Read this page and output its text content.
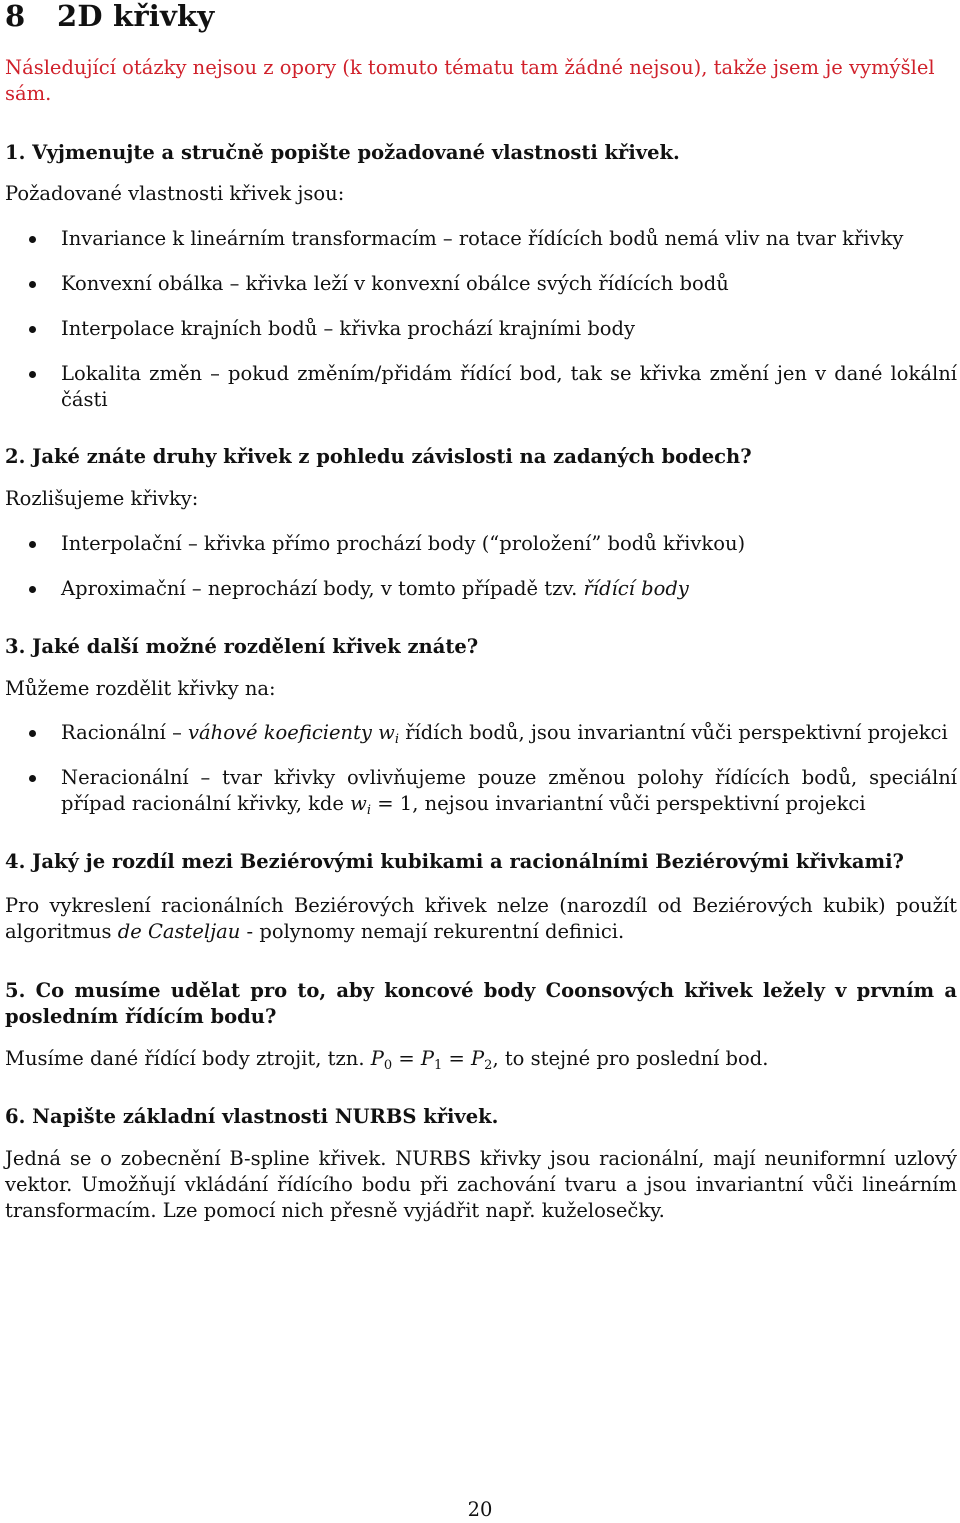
8 2D křivky

Následující otázky nejsou z opory (k tomuto tématu tam žádné nejsou), takže jsem je vymýšlel sám.

1. Vyjmenujte a stručně popište požadované vlastnosti křivek.

Požadované vlastnosti křivek jsou:

Invariance k lineárním transformacím – rotace řídících bodů nemá vliv na tvar křivky
Konvexní obálka – křivka leží v konvexní obálce svých řídících bodů
Interpolace krajních bodů – křivka prochází krajními body
Lokalita změn – pokud změním/přidám řídící bod, tak se křivka změní jen v dané lokální části

2. Jaké znáte druhy křivek z pohledu závislosti na zadaných bodech?

Rozlišujeme křivky:

Interpolační – křivka přímo prochází body (“proložení” bodů křivkou)
Aproximační – neprochází body, v tomto případě tzv. řídící body

3. Jaké další možné rozdělení křivek znáte?

Můžeme rozdělit křivky na:

Racionální – váhové koeficienty $w_i$ řídích bodů, jsou invariantní vůči perspektivní projekci
Neracionální – tvar křivky ovlivňujeme pouze změnou polohy řídících bodů, speciální případ racionální křivky, kde $w_i = 1$, nejsou invariantní vůči perspektivní projekci

4. Jaký je rozdíl mezi Beziérovými kubikami a racionálními Beziérovými křivkami?

Pro vykreslení racionálních Beziérových křivek nelze (narozdíl od Beziérových kubik) použít algoritmus de Casteljau - polynomy nemají rekurentní definici.

5. Co musíme udělat pro to, aby koncové body Coonsových křivek ležely v prvním a posledním řídícím bodu?

Musíme dané řídící body ztrojit, tzn. $P_0 = P_1 = P_2$, to stejné pro poslední bod.

6. Napište základní vlastnosti NURBS křivek.

Jedná se o zobecnění B-spline křivek. NURBS křivky jsou racionální, mají neuniformní uzlový vektor. Umožňují vkládání řídícího bodu při zachování tvaru a jsou invariantní vůči lineárním transformacím. Lze pomocí nich přesně vyjádřit např. kuželosečky.

20
